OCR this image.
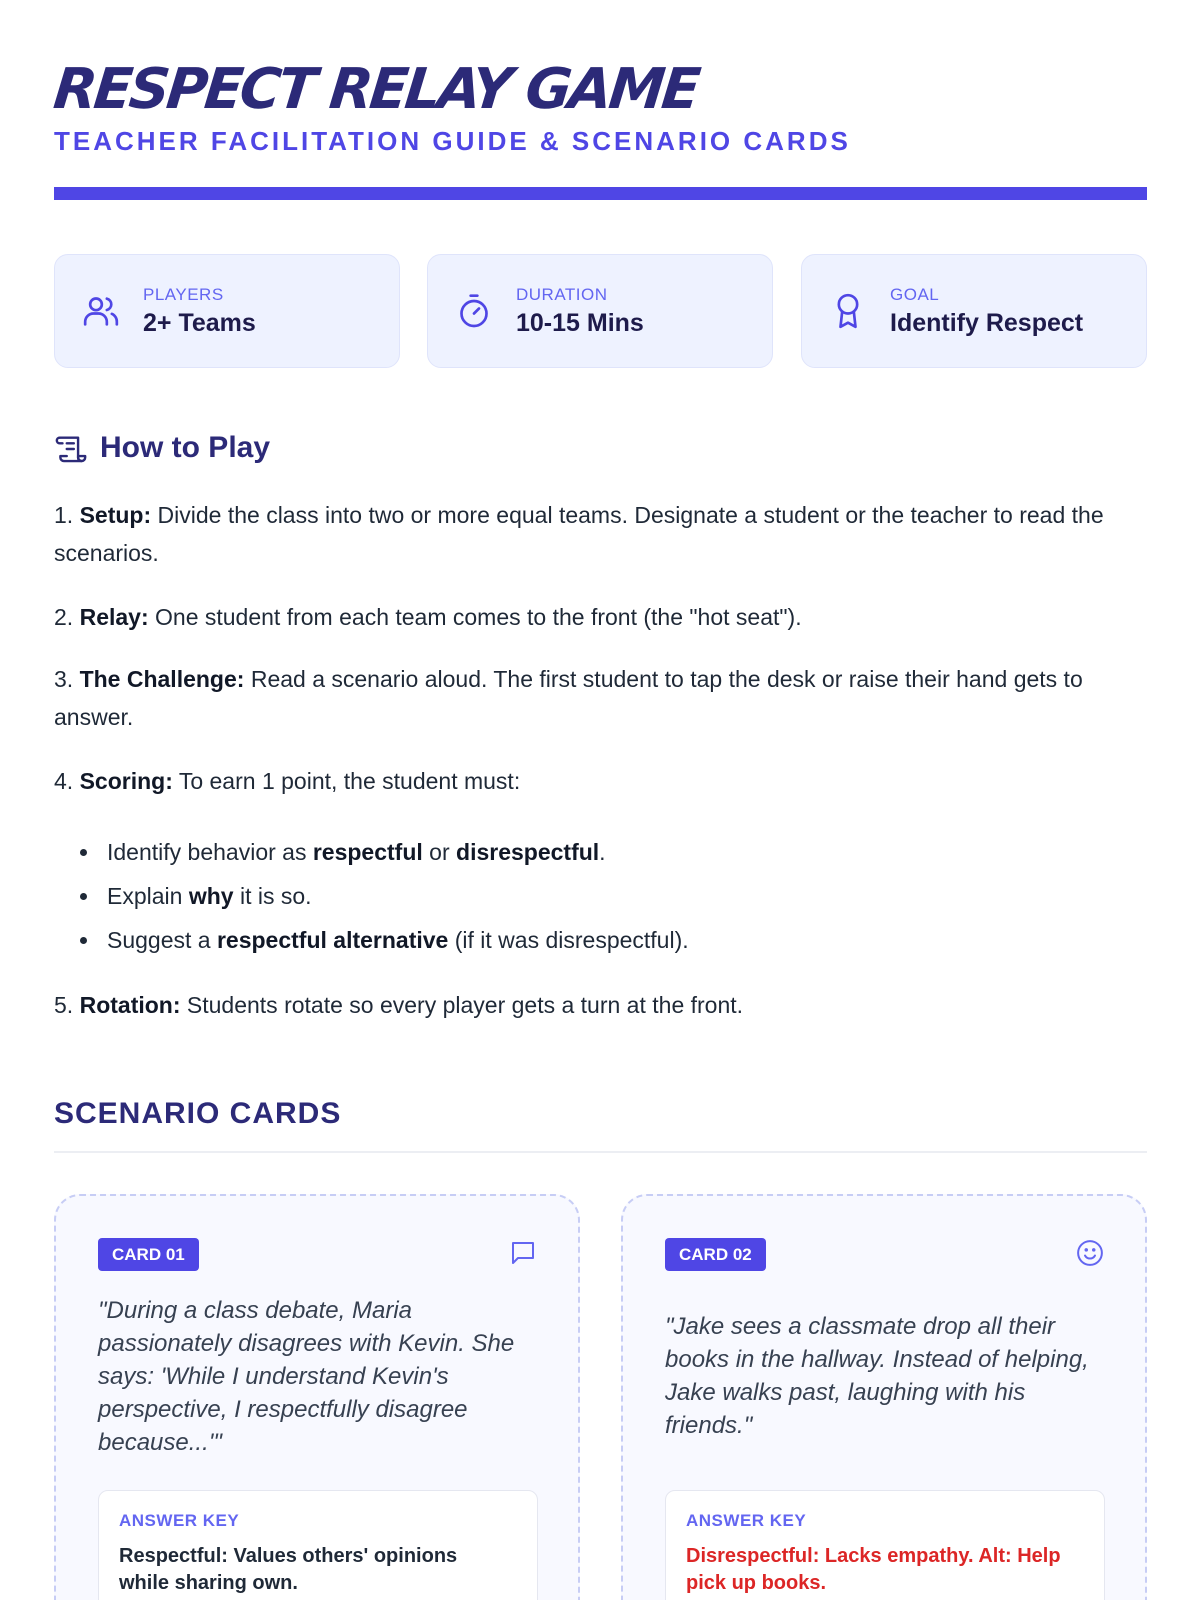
RESPECT RELAY GAME
TEACHER FACILITATION GUIDE & SCENARIO CARDS
PLAYERS
2+ Teams
DURATION
10-15 Mins
GOAL
Identify Respect
How to Play
1. Setup: Divide the class into two or more equal teams. Designate a student or the teacher to read the scenarios.
2. Relay: One student from each team comes to the front (the "hot seat").
3. The Challenge: Read a scenario aloud. The first student to tap the desk or raise their hand gets to answer.
4. Scoring: To earn 1 point, the student must:
Identify behavior as respectful or disrespectful.
Explain why it is so.
Suggest a respectful alternative (if it was disrespectful).
5. Rotation: Students rotate so every player gets a turn at the front.
SCENARIO CARDS
CARD 01
"During a class debate, Maria passionately disagrees with Kevin. She says: 'While I understand Kevin's perspective, I respectfully disagree because...'"
ANSWER KEY
Respectful: Values others' opinions while sharing own.
CARD 02
"Jake sees a classmate drop all their books in the hallway. Instead of helping, Jake walks past, laughing with his friends."
ANSWER KEY
Disrespectful: Lacks empathy. Alt: Help pick up books.
